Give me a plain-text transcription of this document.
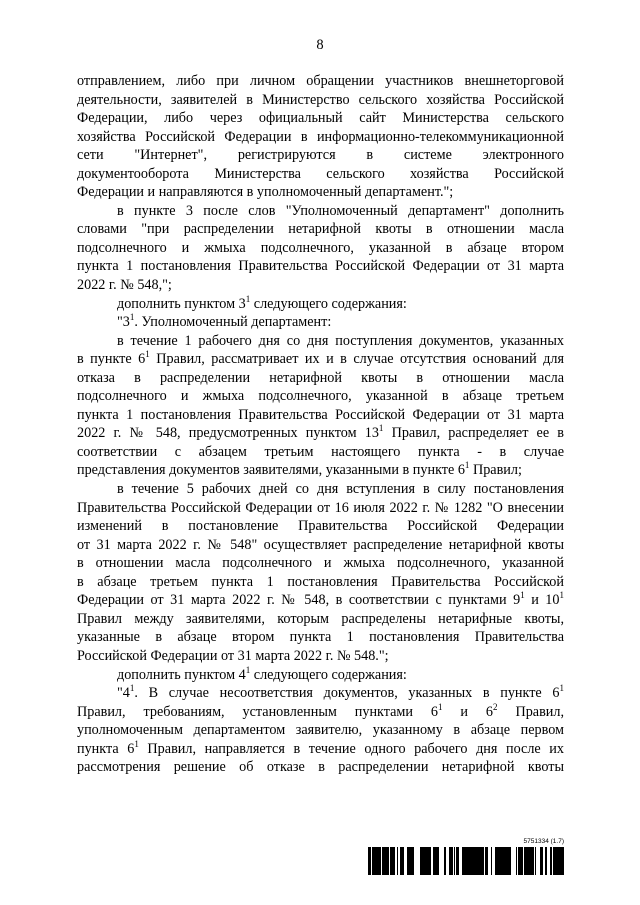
8

отправлением, либо при личном обращении участников внешнеторговой

деятельности, заявителей в Министерство сельского хозяйства Российской

Федерации, либо через официальный сайт Министерства сельского

хозяйства Российской Федерации в информационно-телекоммуникационной

сети "Интернет", регистрируются в системе электронного

документооборота Министерства сельского хозяйства Российской

Федерации и направляются в уполномоченный департамент.";

в пункте 3 после слов "Уполномоченный департамент" дополнить

словами "при распределении нетарифной квоты в отношении масла

подсолнечного и жмыха подсолнечного, указанной в абзаце втором

пункта 1 постановления Правительства Российской Федерации от 31 марта

2022 г. № 548,";

дополнить пунктом $3^1$ следующего содержания:

"$3^1$. Уполномоченный департамент:

в течение 1 рабочего дня со дня поступления документов, указанных

в пункте $6^1$ Правил, рассматривает их и в случае отсутствия оснований для

отказа в распределении нетарифной квоты в отношении масла

подсолнечного и жмыха подсолнечного, указанной в абзаце третьем

пункта 1 постановления Правительства Российской Федерации от 31 марта

2022 г. № 548, предусмотренных пунктом $13^1$ Правил, распределяет ее в

соответствии с абзацем третьим настоящего пункта - в случае

представления документов заявителями, указанными в пункте $6^1$ Правил;

в течение 5 рабочих дней со дня вступления в силу постановления

Правительства Российской Федерации от 16 июля 2022 г. № 1282 "О внесении

изменений в постановление Правительства Российской Федерации

от 31 марта 2022 г. № 548" осуществляет распределение нетарифной квоты

в отношении масла подсолнечного и жмыха подсолнечного, указанной

в абзаце третьем пункта 1 постановления Правительства Российской

Федерации от 31 марта 2022 г. № 548, в соответствии с пунктами $9^1$ и $10^1$

Правил между заявителями, которым распределены нетарифные квоты,

указанные в абзаце втором пункта 1 постановления Правительства

Российской Федерации от 31 марта 2022 г. № 548.";

дополнить пунктом $4^1$ следующего содержания:

"$4^1$. В случае несоответствия документов, указанных в пункте $6^1$

Правил, требованиям, установленным пунктами $6^1$ и $6^2$ Правил,

уполномоченным департаментом заявителю, указанному в абзаце первом

пункта $6^1$ Правил, направляется в течение одного рабочего дня после их

рассмотрения решение об отказе в распределении нетарифной квоты

5751334 (1.7)
